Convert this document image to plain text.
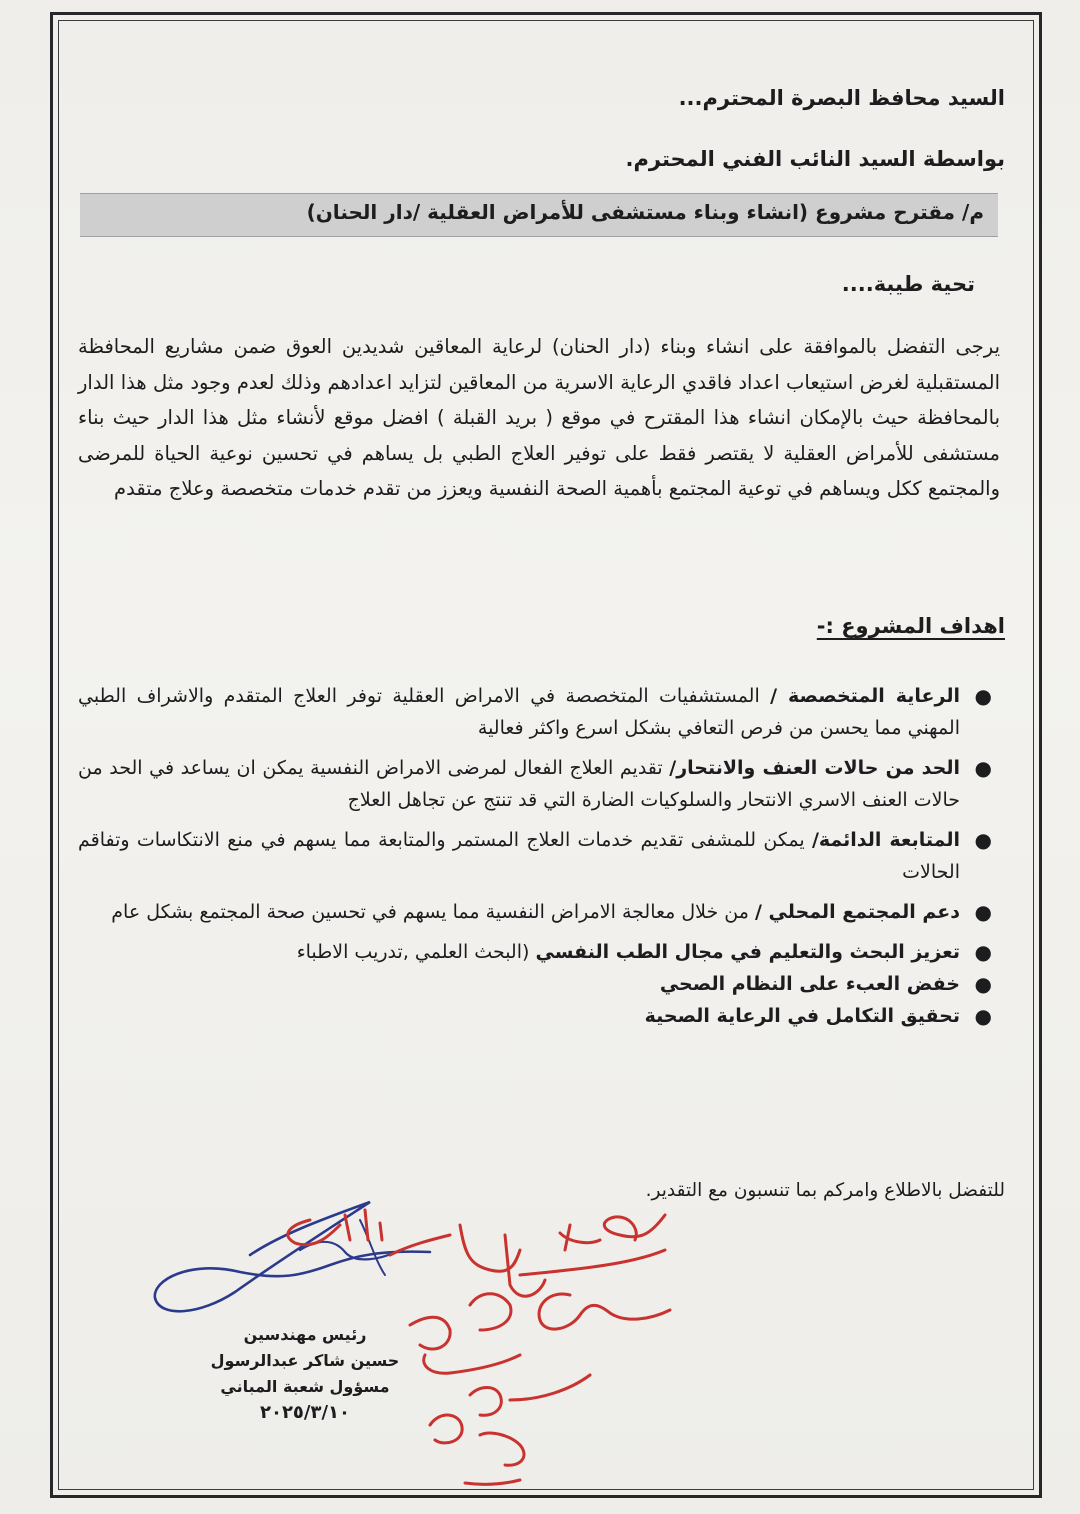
السيد محافظ البصرة المحترم...
بواسطة السيد النائب الفني المحترم.
م/ مقترح مشروع (انشاء وبناء مستشفى للأمراض العقلية /دار الحنان)
تحية طيبة....
يرجى التفضل بالموافقة على انشاء وبناء (دار الحنان) لرعاية المعاقين شديدين العوق ضمن مشاريع المحافظة المستقبلية لغرض استيعاب اعداد فاقدي الرعاية الاسرية من المعاقين لتزايد اعدادهم وذلك لعدم وجود مثل هذا الدار بالمحافظة حيث بالإمكان انشاء هذا المقترح في موقع ( بريد القبلة ) افضل موقع لأنشاء مثل هذا الدار حيث بناء مستشفى للأمراض العقلية لا يقتصر فقط على توفير العلاج الطبي بل يساهم في تحسين نوعية الحياة للمرضى والمجتمع ككل ويساهم في توعية المجتمع بأهمية الصحة النفسية ويعزز من تقدم خدمات متخصصة وعلاج متقدم
اهداف المشروع :-
●
الرعاية المتخصصة / المستشفيات المتخصصة في الامراض العقلية توفر العلاج المتقدم والاشراف الطبي المهني مما يحسن من فرص التعافي بشكل اسرع واكثر فعالية
●
الحد من حالات العنف والانتحار/ تقديم العلاج الفعال لمرضى الامراض النفسية يمكن ان يساعد في الحد من حالات العنف الاسري الانتحار والسلوكيات الضارة التي قد تنتج عن تجاهل العلاج
●
المتابعة الدائمة/ يمكن للمشفى تقديم خدمات العلاج المستمر والمتابعة مما يسهم في منع الانتكاسات وتفاقم الحالات
●
دعم المجتمع المحلي / من خلال معالجة الامراض النفسية مما يسهم في تحسين صحة المجتمع بشكل عام
●
تعزيز البحث والتعليم في مجال الطب النفسي (البحث العلمي ,تدريب الاطباء
●
خفض العبء على النظام الصحي
●
تحقيق التكامل في الرعاية الصحية
للتفضل بالاطلاع وامركم بما تنسبون مع التقدير.
رئيس مهندسين
حسين شاكر عبدالرسول
مسؤول شعبة المباني
٢٠٢٥/٣/١٠
